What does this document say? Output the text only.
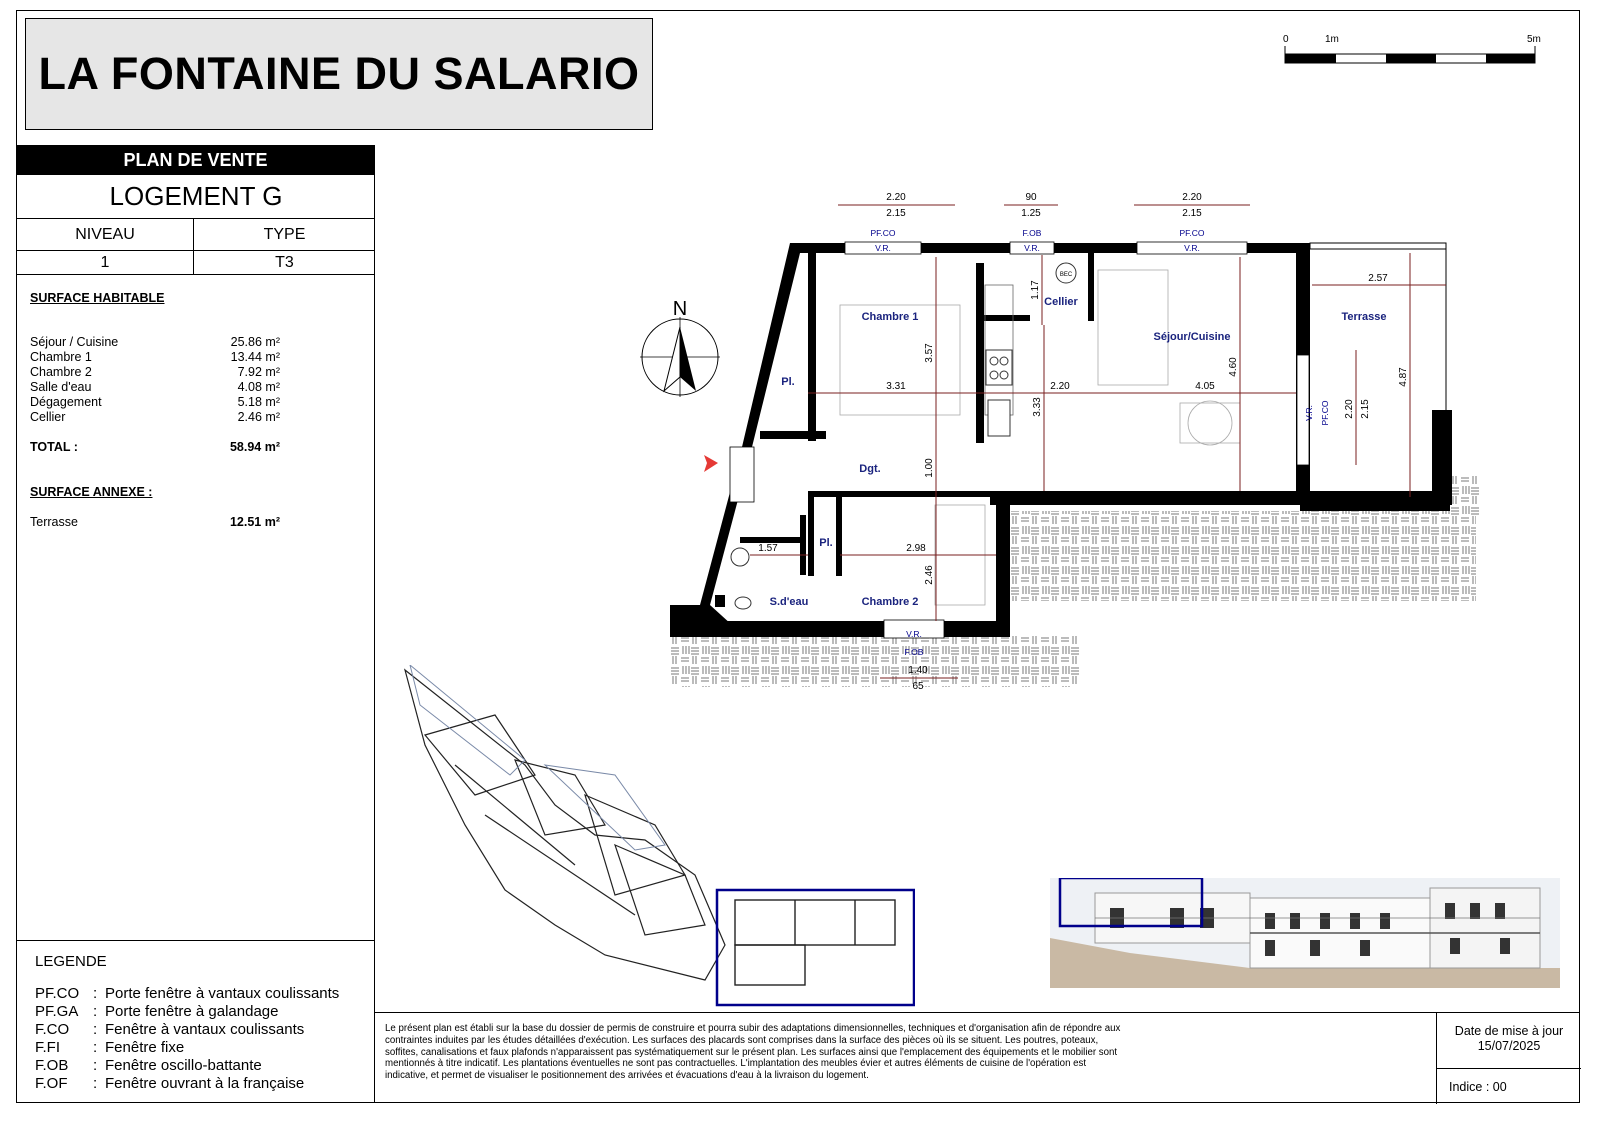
LA FONTAINE DU SALARIO
PLAN DE VENTE
LOGEMENT G
NIVEAU	TYPE
1	T3
SURFACE HABITABLE
Séjour / Cuisine	25.86 m²
Chambre 1	13.44 m²
Chambre 2	7.92 m²
Salle d'eau	4.08 m²
Dégagement	5.18 m²
Cellier	2.46 m²
TOTAL :	58.94 m²
SURFACE ANNEXE :
Terrasse	12.51 m²
LEGENDE
PF.CO : Porte fenêtre à vantaux coulissants
PF.GA : Porte fenêtre à galandage
F.CO	: Fenêtre à vantaux coulissants
F.FI	: Fenêtre fixe
F.OB	: Fenêtre oscillo-battante
F.OF	: Fenêtre ouvrant à la française
0	1m	5m
PF.CO
V.R.
F.OB
V.R.
PF.CO
V.R.
V.R. PF.CO
V.R.
F.OB
BEC
2.20
2.15
90
1.25
2.20
2.15
2.57
4.87
3.57
1.17
3.31	2.20	4.05
4.60
3.33	2.20 2.15
1.00
1.57	2.98
2.46
1.40
65
Chambre 1
Cellier
Séjour/Cuisine
Terrasse
Pl.
Pl.
Dgt.
S.d'eau	Chambre 2
N
Le présent plan est établi sur la base du dossier de permis de construire et pourra subir des adaptations dimensionnelles, techniques et d'organisation afin de répondre aux contraintes induites par les études détaillées d'exécution. Les surfaces des placards sont comprises dans la surface des pièces où ils se situent. Les poutres, poteaux, soffites, canalisations et faux plafonds n'apparaissent pas systématiquement sur le présent plan. Les surfaces ainsi que l'emplacement des équipements et le mobilier sont mentionnés à titre indicatif. Les plantations éventuelles ne sont pas contractuelles. L'implantation des meubles évier et autres éléments de cuisine de l'opération est indicative, et permet de visualiser le positionnement des arrivées et évacuations d'eau à la livraison du logement.
Date de mise à jour
15/07/2025
Indice : 00
